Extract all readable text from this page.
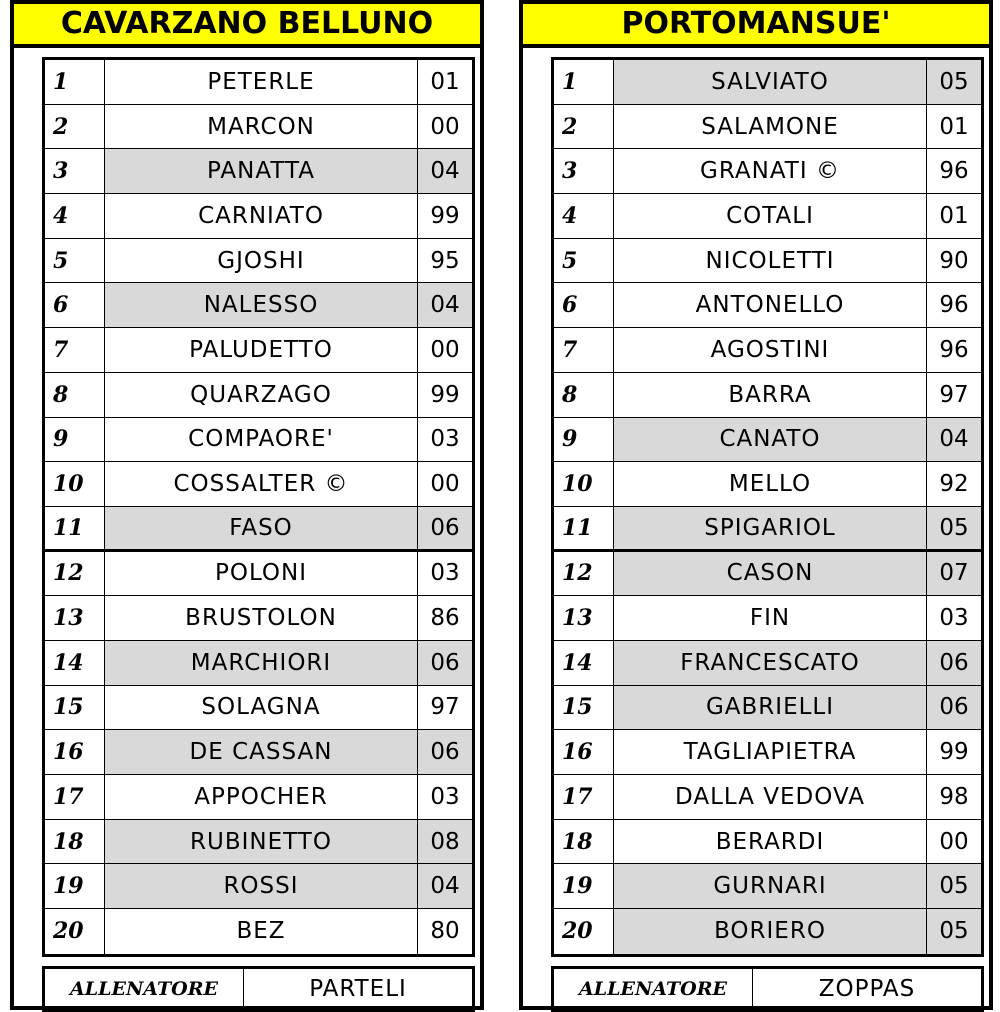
CAVARZANO BELLUNO
1	PETERLE	01
2	MARCON	00
3	PANATTA	04
4	CARNIATO	99
5	GJOSHI	95
6	NALESSO	04
7	PALUDETTO	00
8	QUARZAGO	99
9	COMPAORE'	03
10	COSSALTER ©	00
11	FASO	06
12	POLONI	03
13	BRUSTOLON	86
14	MARCHIORI	06
15	SOLAGNA	97
16	DE CASSAN	06
17	APPOCHER	03
18	RUBINETTO	08
19	ROSSI	04
20	BEZ	80
ALLENATORE	PARTELI
PORTOMANSUE'
1	SALVIATO	05
2	SALAMONE	01
3	GRANATI ©	96
4	COTALI	01
5	NICOLETTI	90
6	ANTONELLO	96
7	AGOSTINI	96
8	BARRA	97
9	CANATO	04
10	MELLO	92
11	SPIGARIOL	05
12	CASON	07
13	FIN	03
14	FRANCESCATO	06
15	GABRIELLI	06
16	TAGLIAPIETRA	99
17	DALLA VEDOVA	98
18	BERARDI	00
19	GURNARI	05
20	BORIERO	05
ALLENATORE	ZOPPAS
